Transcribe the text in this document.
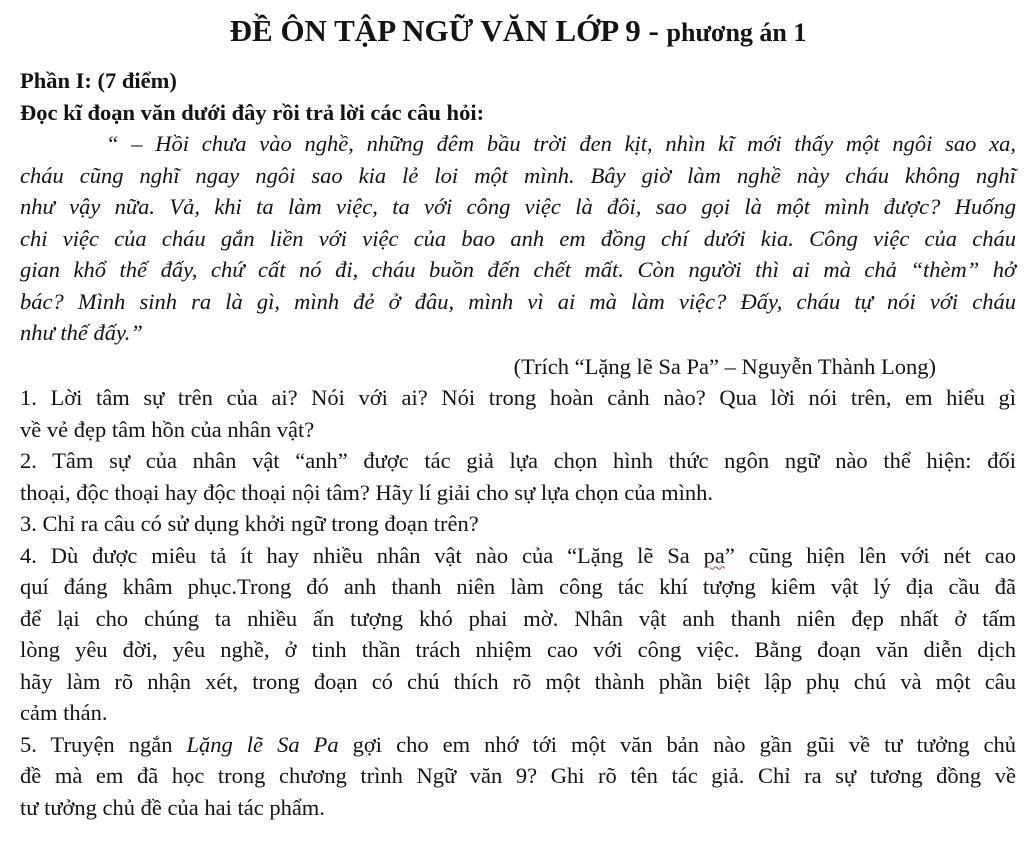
ĐỀ ÔN TẬP NGỮ VĂN LỚP 9 - phương án 1
Phần I: (7 điểm)
Đọc kĩ đoạn văn dưới đây rồi trả lời các câu hỏi:
“ – Hồi chưa vào nghề, những đêm bầu trời đen kịt, nhìn kĩ mới thấy một ngôi sao xa,
cháu cũng nghĩ ngay ngôi sao kia lẻ loi một mình. Bây giờ làm nghề này cháu không nghĩ
như vậy nữa. Vả, khi ta làm việc, ta với công việc là đôi, sao gọi là một mình được? Huống
chi việc của cháu gắn liền với việc của bao anh em đồng chí dưới kia. Công việc của cháu
gian khổ thế đấy, chứ cất nó đi, cháu buồn đến chết mất. Còn người thì ai mà chả “thèm” hở
bác? Mình sinh ra là gì, mình đẻ ở đâu, mình vì ai mà làm việc? Đấy, cháu tự nói với cháu
như thế đấy.”
(Trích “Lặng lẽ Sa Pa” – Nguyễn Thành Long)
1. Lời tâm sự trên của ai? Nói với ai? Nói trong hoàn cảnh nào? Qua lời nói trên, em hiểu gì
về vẻ đẹp tâm hồn của nhân vật?
2. Tâm sự của nhân vật “anh” được tác giả lựa chọn hình thức ngôn ngữ nào thể hiện: đối
thoại, độc thoại hay độc thoại nội tâm? Hãy lí giải cho sự lựa chọn của mình.
3. Chỉ ra câu có sử dụng khởi ngữ trong đoạn trên?
4. Dù được miêu tả ít hay nhiều nhân vật nào của “Lặng lẽ Sa pa” cũng hiện lên với nét cao
quí đáng khâm phục.Trong đó anh thanh niên làm công tác khí tượng kiêm vật lý địa cầu đã
để lại cho chúng ta nhiều ấn tượng khó phai mờ. Nhân vật anh thanh niên đẹp nhất ở tấm
lòng yêu đời, yêu nghề, ở tinh thần trách nhiệm cao với công việc. Bằng đoạn văn diễn dịch
hãy làm rõ nhận xét, trong đoạn có chú thích rõ một thành phần biệt lập phụ chú và một câu
cảm thán.
5. Truyện ngắn Lặng lẽ Sa Pa gợi cho em nhớ tới một văn bản nào gần gũi về tư tưởng chủ
đề mà em đã học trong chương trình Ngữ văn 9? Ghi rõ tên tác giả. Chỉ ra sự tương đồng về
tư tưởng chủ đề của hai tác phẩm.
